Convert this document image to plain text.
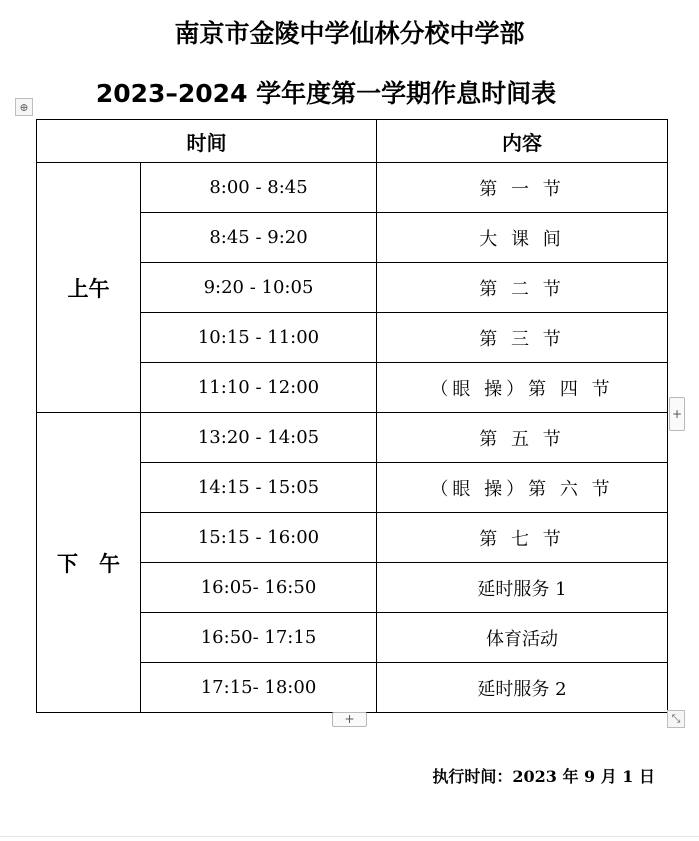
南京市金陵中学仙林分校中学部
2023–2024 学年度第一学期作息时间表
⊕
时间		内容
上午	8:00 - 8:45	第 一 节
	8:45 - 9:20	大 课 间
	9:20 - 10:05	第 二 节
	10:15 - 11:00	第 三 节
	11:10 - 12:00	（眼 操）第 四 节
下　午	13:20 - 14:05	第 五 节
	14:15 - 15:05	（眼 操）第 六 节
	15:15 - 16:00	第 七 节
	16:05- 16:50	延时服务 1
	16:50- 17:15	体育活动
	17:15- 18:00	延时服务 2
+
+	⤡
执行时间：2023 年 9 月 1 日
